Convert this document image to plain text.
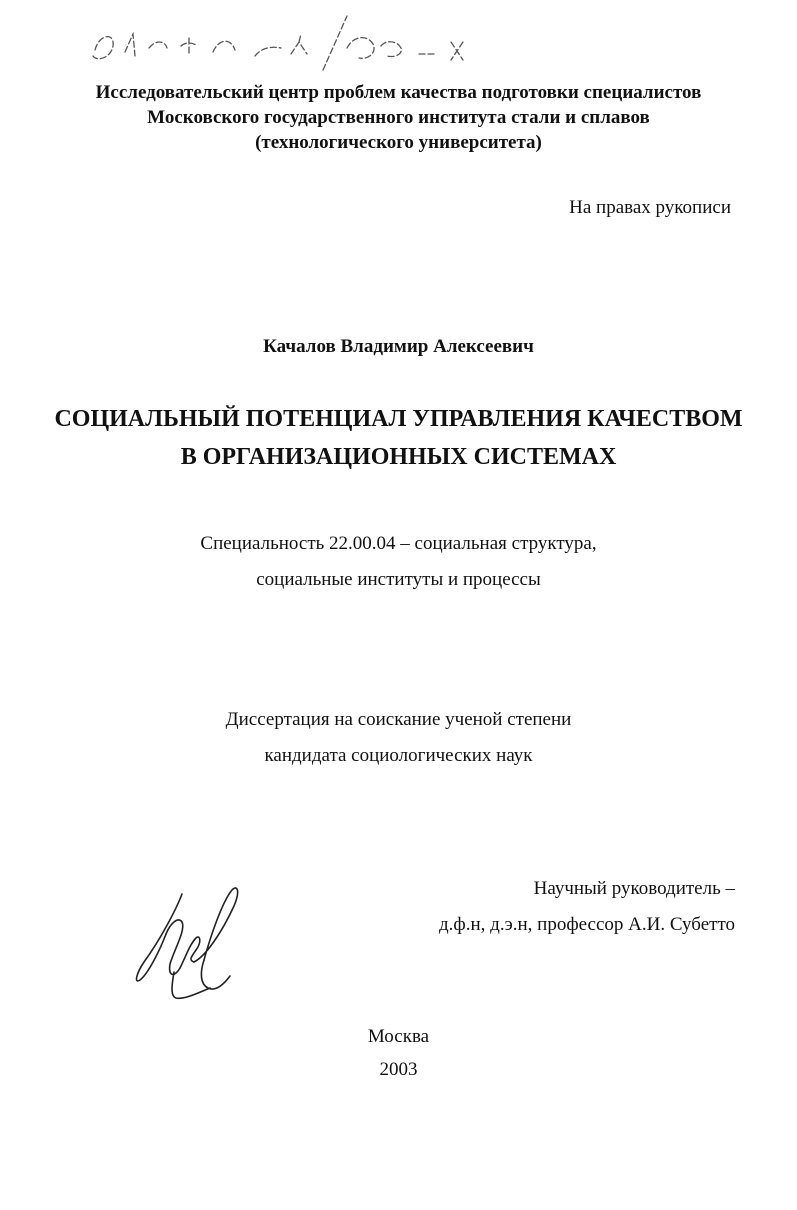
Исследовательский центр проблем качества подготовки специалистов
Московского государственного института стали и сплавов
(технологического университета)
На правах рукописи
Качалов Владимир Алексеевич
СОЦИАЛЬНЫЙ ПОТЕНЦИАЛ УПРАВЛЕНИЯ КАЧЕСТВОМ
В ОРГАНИЗАЦИОННЫХ СИСТЕМАХ
Специальность 22.00.04 – социальная структура,
социальные институты и процессы
Диссертация на соискание ученой степени
кандидата социологических наук
Научный руководитель –
д.ф.н, д.э.н, профессор А.И. Субетто
Москва
2003
